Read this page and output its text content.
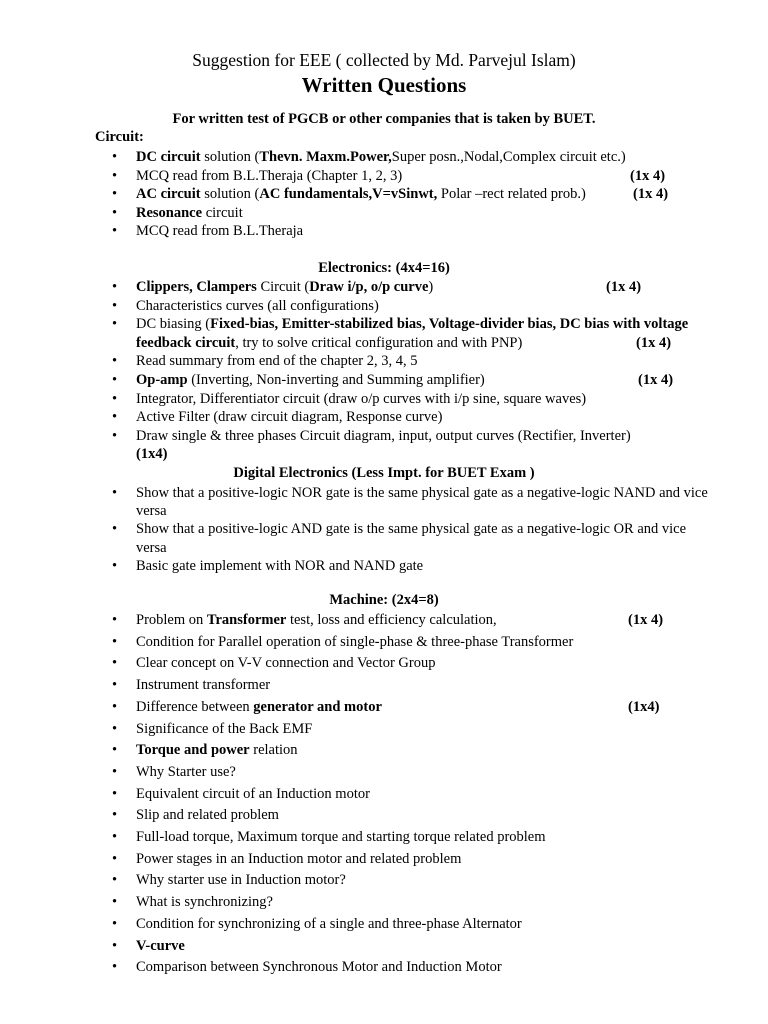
Suggestion for EEE ( collected by Md. Parvejul Islam)
Written Questions
For written test of PGCB or other companies that is taken by BUET.
Circuit:
• DC circuit solution (Thevn. Maxm.Power,Super posn.,Nodal,Complex circuit etc.)
• MCQ read from B.L.Theraja (Chapter 1, 2, 3)	(1x 4)
• AC circuit solution (AC fundamentals,V=vSinwt, Polar –rect related prob.)	(1x 4)
• Resonance circuit
• MCQ read from B.L.Theraja
Electronics: (4x4=16)
• Clippers, Clampers Circuit (Draw i/p, o/p curve)	(1x 4)
• Characteristics curves (all configurations)
• DC biasing (Fixed-bias, Emitter-stabilized bias, Voltage-divider bias, DC bias with voltage feedback circuit, try to solve critical configuration and with PNP)	(1x 4)
• Read summary from end of the chapter 2, 3, 4, 5
• Op-amp (Inverting, Non-inverting and Summing amplifier)	(1x 4)
• Integrator, Differentiator circuit (draw o/p curves with i/p sine, square waves)
• Active Filter (draw circuit diagram, Response curve)
• Draw single & three phases Circuit diagram, input, output curves (Rectifier, Inverter)
(1x4)
Digital Electronics (Less Impt. for BUET Exam )
• Show that a positive-logic NOR gate is the same physical gate as a negative-logic NAND and vice versa
• Show that a positive-logic AND gate is the same physical gate as a negative-logic OR and vice versa
• Basic gate implement with NOR and NAND gate
Machine: (2x4=8)
• Problem on Transformer test, loss and efficiency calculation,	(1x 4)
• Condition for Parallel operation of single-phase & three-phase Transformer
• Clear concept on V-V connection and Vector Group
• Instrument transformer
• Difference between generator and motor	(1x4)
• Significance of the Back EMF
• Torque and power relation
• Why Starter use?
• Equivalent circuit of an Induction motor
• Slip and related problem
• Full-load torque, Maximum torque and starting torque related problem
• Power stages in an Induction motor and related problem
• Why starter use in Induction motor?
• What is synchronizing?
• Condition for synchronizing of a single and three-phase Alternator
• V-curve
• Comparison between Synchronous Motor and Induction Motor
